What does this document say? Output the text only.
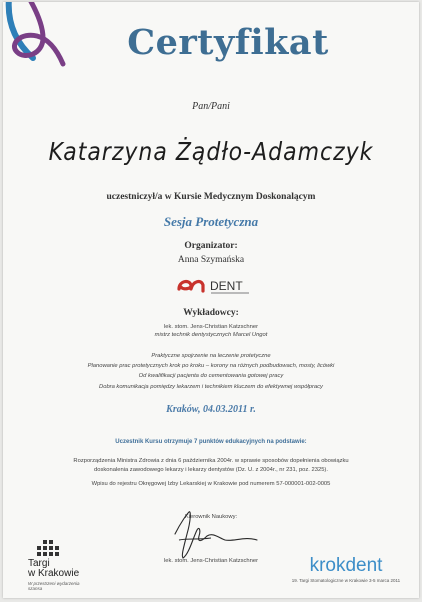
Certyfikat
Pan/Pani
Katarzyna Żądło-Adamczyk
uczestniczył/a w Kursie Medycznym Doskonalącym
Sesja Protetyczna
Organizator:
Anna Szymańska
DENT
Wykładowcy:
lek. stom. Jens-Christian Katzschner
mistrz technik dentystycznych Marcel Ungot
Praktyczne spojrzenie na leczenie protetyczne
Planowanie prac protetycznych krok po kroku – korony na różnych podbudowach, mosty, licówki
Od kwalifikacji pacjenta do cementowania gotowej pracy
Dobra komunikacja pomiędzy lekarzem i technikiem kluczem do efektywnej współpracy
Kraków, 04.03.2011 r.
Uczestnik Kursu otrzymuje 7 punktów edukacyjnych na podstawie:
Rozporządzenia Ministra Zdrowia z dnia 6 października 2004r. w sprawie sposobów dopełnienia obowiązku
doskonalenia zawodowego lekarzy i lekarzy dentystów (Dz. U. z 2004r., nr 231, poz. 2325).
Wpisu do rejestru Okręgowej Izby Lekarskiej w Krakowie pod numerem 57-000001-002-0005
Kierownik Naukowy:
lek. stom. Jens-Christian Katzschner
Targi
w Krakowie
W przestrzeni wydarzenia szansa
krokdent
19. Targi Stomatologiczne w Krakowie 3-5 marca 2011
